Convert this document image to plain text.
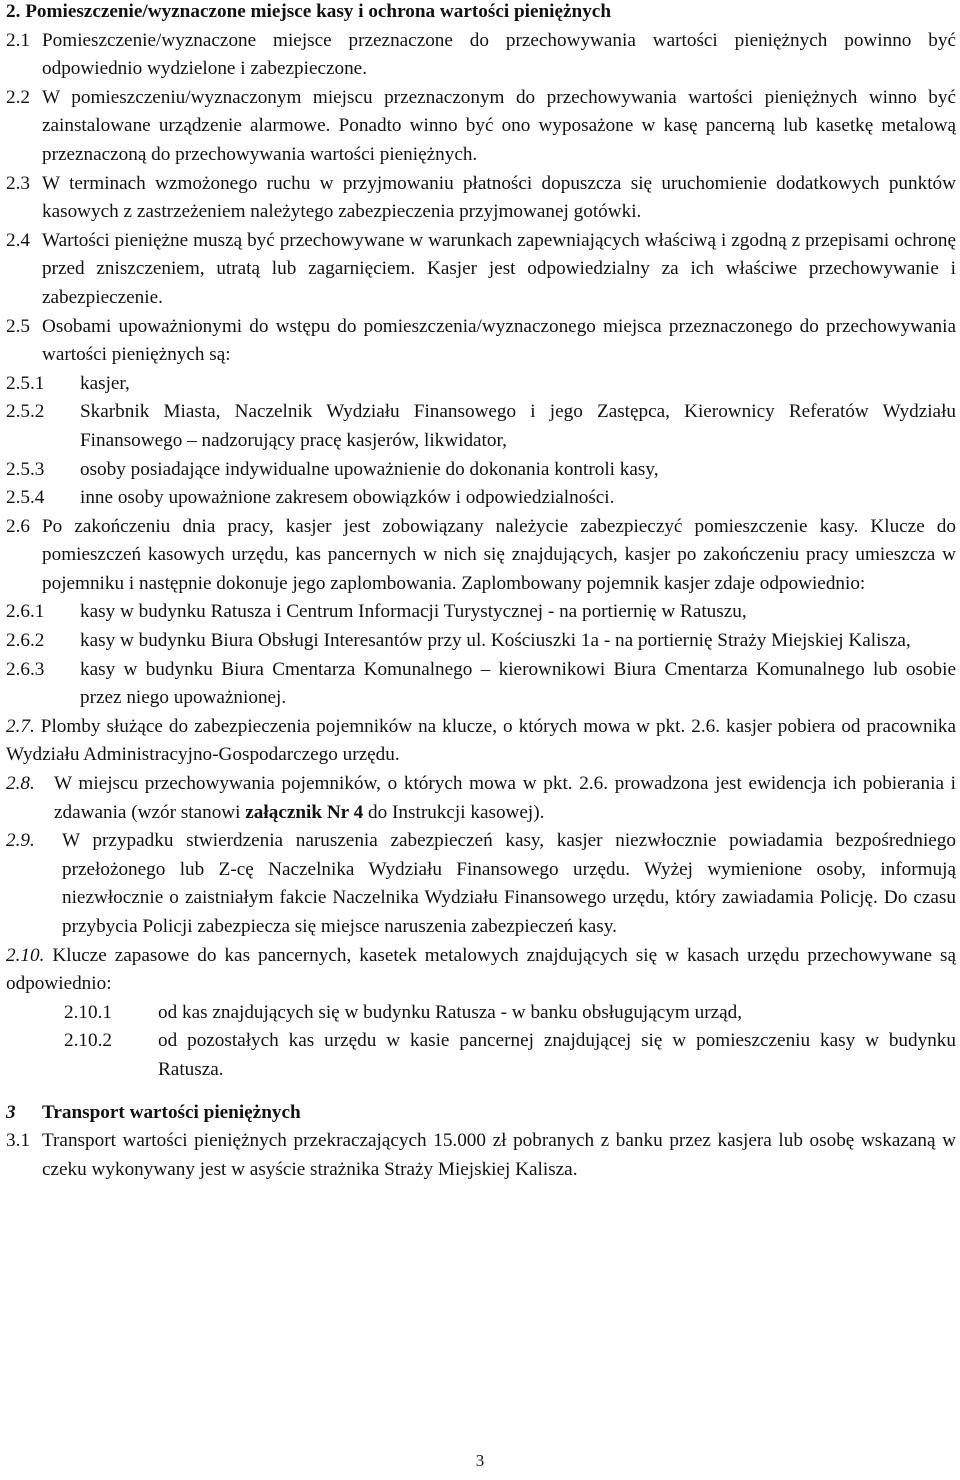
2. Pomieszczenie/wyznaczone miejsce kasy i ochrona wartości pieniężnych

2.1 Pomieszczenie/wyznaczone miejsce przeznaczone do przechowywania wartości pieniężnych powinno być odpowiednio wydzielone i zabezpieczone.
2.2 W pomieszczeniu/wyznaczonym miejscu przeznaczonym do przechowywania wartości pieniężnych winno być zainstalowane urządzenie alarmowe. Ponadto winno być ono wyposażone w kasę pancerną lub kasetkę metalową przeznaczoną do przechowywania wartości pieniężnych.
2.3 W terminach wzmożonego ruchu w przyjmowaniu płatności dopuszcza się uruchomienie dodatkowych punktów kasowych z zastrzeżeniem należytego zabezpieczenia przyjmowanej gotówki.
2.4 Wartości pieniężne muszą być przechowywane w warunkach zapewniających właściwą i zgodną z przepisami ochronę przed zniszczeniem, utratą lub zagarnięciem. Kasjer jest odpowiedzialny za ich właściwe przechowywanie i zabezpieczenie.
2.5 Osobami upoważnionymi do wstępu do pomieszczenia/wyznaczonego miejsca przeznaczonego do przechowywania wartości pieniężnych są:
2.5.1	kasjer,
2.5.2	Skarbnik Miasta, Naczelnik Wydziału Finansowego i jego Zastępca, Kierownicy Referatów Wydziału Finansowego – nadzorujący pracę kasjerów, likwidator,
2.5.3	osoby posiadające indywidualne upoważnienie do dokonania kontroli kasy,
2.5.4	inne osoby upoważnione zakresem obowiązków i odpowiedzialności.
2.6 Po zakończeniu dnia pracy, kasjer jest zobowiązany należycie zabezpieczyć pomieszczenie kasy. Klucze do pomieszczeń kasowych urzędu, kas pancernych w nich się znajdujących, kasjer po zakończeniu pracy umieszcza w pojemniku i następnie dokonuje jego zaplombowania. Zaplombowany pojemnik kasjer zdaje odpowiednio:
2.6.1	kasy w budynku Ratusza i Centrum Informacji Turystycznej - na portiernię w Ratuszu,
2.6.2	kasy w budynku Biura Obsługi Interesantów przy ul. Kościuszki 1a - na portiernię Straży Miejskiej Kalisza,
2.6.3	kasy w budynku Biura Cmentarza Komunalnego – kierownikowi Biura Cmentarza Komunalnego lub osobie przez niego upoważnionej.

2.7. Plomby służące do zabezpieczenia pojemników na klucze, o których mowa w pkt. 2.6. kasjer pobiera od pracownika Wydziału Administracyjno-Gospodarczego urzędu.

2.8.	W miejscu przechowywania pojemników, o których mowa w pkt. 2.6. prowadzona jest ewidencja ich pobierania i zdawania (wzór stanowi załącznik Nr 4 do Instrukcji kasowej).
2.9.	W przypadku stwierdzenia naruszenia zabezpieczeń kasy, kasjer niezwłocznie powiadamia bezpośredniego przełożonego lub Z-cę Naczelnika Wydziału Finansowego urzędu. Wyżej wymienione osoby, informują niezwłocznie o zaistniałym fakcie Naczelnika Wydziału Finansowego urzędu, który zawiadamia Policję. Do czasu przybycia Policji zabezpiecza się miejsce naruszenia zabezpieczeń kasy.

2.10. Klucze zapasowe do kas pancernych, kasetek metalowych znajdujących się w kasach urzędu przechowywane są odpowiednio:

2.10.1	od kas znajdujących się w budynku Ratusza - w banku obsługującym urząd,
2.10.2	od pozostałych kas urzędu w kasie pancernej znajdującej się w pomieszczeniu kasy w budynku Ratusza.
3	Transport wartości pieniężnych
3.1 Transport wartości pieniężnych przekraczających 15.000 zł pobranych z banku przez kasjera lub osobę wskazaną w czeku wykonywany jest w asyście strażnika Straży Miejskiej Kalisza.
3
